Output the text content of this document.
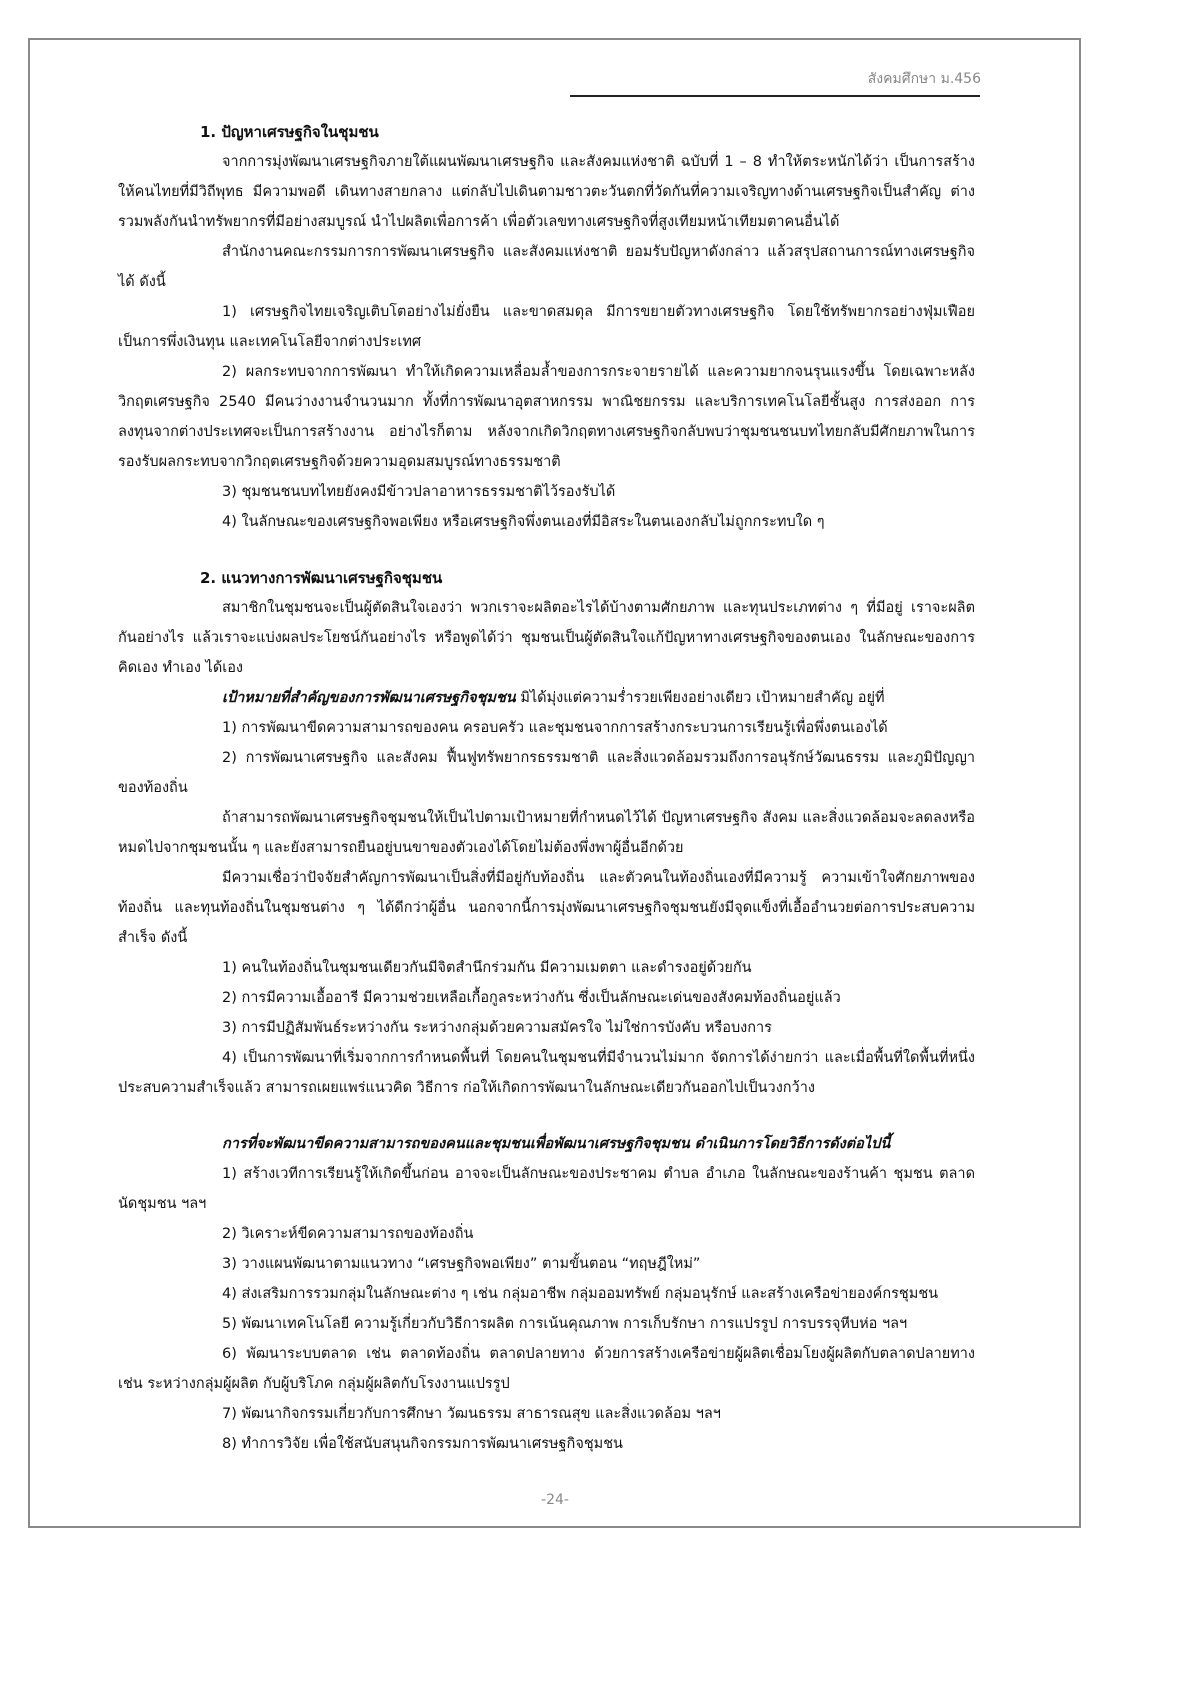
สังคมศึกษา ม.456

1. ปัญหาเศรษฐกิจในชุมชน

จากการมุ่งพัฒนาเศรษฐกิจภายใต้แผนพัฒนาเศรษฐกิจ และสังคมแห่งชาติ ฉบับที่ 1 – 8 ทำให้ตระหนักได้ว่า เป็นการสร้างให้คนไทยที่มีวิถีพุทธ มีความพอดี เดินทางสายกลาง แต่กลับไปเดินตามชาวตะวันตกที่วัดกันที่ความเจริญทางด้านเศรษฐกิจเป็นสำคัญ ต่างรวมพลังกันนำทรัพยากรที่มีอย่างสมบูรณ์ นำไปผลิตเพื่อการค้า เพื่อตัวเลขทางเศรษฐกิจที่สูงเทียมหน้าเทียมตาคนอื่นได้

สำนักงานคณะกรรมการการพัฒนาเศรษฐกิจ และสังคมแห่งชาติ ยอมรับปัญหาดังกล่าว แล้วสรุปสถานการณ์ทางเศรษฐกิจได้ ดังนี้

1) เศรษฐกิจไทยเจริญเติบโตอย่างไม่ยั่งยืน และขาดสมดุล มีการขยายตัวทางเศรษฐกิจ โดยใช้ทรัพยากรอย่างฟุ่มเฟือย เป็นการพึ่งเงินทุน และเทคโนโลยีจากต่างประเทศ

2) ผลกระทบจากการพัฒนา ทำให้เกิดความเหลื่อมล้ำของการกระจายรายได้ และความยากจนรุนแรงขึ้น โดยเฉพาะหลังวิกฤตเศรษฐกิจ 2540 มีคนว่างงานจำนวนมาก ทั้งที่การพัฒนาอุตสาหกรรม พาณิชยกรรม และบริการเทคโนโลยีชั้นสูง การส่งออก การลงทุนจากต่างประเทศจะเป็นการสร้างงาน อย่างไรก็ตาม หลังจากเกิดวิกฤตทางเศรษฐกิจกลับพบว่าชุมชนชนบทไทยกลับมีศักยภาพในการรองรับผลกระทบจากวิกฤตเศรษฐกิจด้วยความอุดมสมบูรณ์ทางธรรมชาติ

3) ชุมชนชนบทไทยยังคงมีข้าวปลาอาหารธรรมชาติไว้รองรับได้

4) ในลักษณะของเศรษฐกิจพอเพียง หรือเศรษฐกิจพึ่งตนเองที่มีอิสระในตนเองกลับไม่ถูกกระทบใด ๆ

2. แนวทางการพัฒนาเศรษฐกิจชุมชน

สมาชิกในชุมชนจะเป็นผู้ตัดสินใจเองว่า พวกเราจะผลิตอะไรได้บ้างตามศักยภาพ และทุนประเภทต่าง ๆ ที่มีอยู่ เราจะผลิตกันอย่างไร แล้วเราจะแบ่งผลประโยชน์กันอย่างไร หรือพูดได้ว่า ชุมชนเป็นผู้ตัดสินใจแก้ปัญหาทางเศรษฐกิจของตนเอง ในลักษณะของการ คิดเอง ทำเอง ได้เอง

เป้าหมายที่สำคัญของการพัฒนาเศรษฐกิจชุมชน มิได้มุ่งแต่ความร่ำรวยเพียงอย่างเดียว เป้าหมายสำคัญ อยู่ที่

1) การพัฒนาขีดความสามารถของคน ครอบครัว และชุมชนจากการสร้างกระบวนการเรียนรู้เพื่อพึ่งตนเองได้

2) การพัฒนาเศรษฐกิจ และสังคม ฟื้นฟูทรัพยากรธรรมชาติ และสิ่งแวดล้อมรวมถึงการอนุรักษ์วัฒนธรรม และภูมิปัญญาของท้องถิ่น

ถ้าสามารถพัฒนาเศรษฐกิจชุมชนให้เป็นไปตามเป้าหมายที่กำหนดไว้ได้ ปัญหาเศรษฐกิจ สังคม และสิ่งแวดล้อมจะลดลงหรือหมดไปจากชุมชนนั้น ๆ และยังสามารถยืนอยู่บนขาของตัวเองได้โดยไม่ต้องพึ่งพาผู้อื่นอีกด้วย

มีความเชื่อว่าปัจจัยสำคัญการพัฒนาเป็นสิ่งที่มีอยู่กับท้องถิ่น และตัวคนในท้องถิ่นเองที่มีความรู้ ความเข้าใจศักยภาพของท้องถิ่น และทุนท้องถิ่นในชุมชนต่าง ๆ ได้ดีกว่าผู้อื่น นอกจากนี้การมุ่งพัฒนาเศรษฐกิจชุมชนยังมีจุดแข็งที่เอื้ออำนวยต่อการประสบความสำเร็จ ดังนี้

1) คนในท้องถิ่นในชุมชนเดียวกันมีจิตสำนึกร่วมกัน มีความเมตตา และดำรงอยู่ด้วยกัน

2) การมีความเอื้ออารี มีความช่วยเหลือเกื้อกูลระหว่างกัน ซึ่งเป็นลักษณะเด่นของสังคมท้องถิ่นอยู่แล้ว

3) การมีปฏิสัมพันธ์ระหว่างกัน ระหว่างกลุ่มด้วยความสมัครใจ ไม่ใช่การบังคับ หรือบงการ

4) เป็นการพัฒนาที่เริ่มจากการกำหนดพื้นที่ โดยคนในชุมชนที่มีจำนวนไม่มาก จัดการได้ง่ายกว่า และเมื่อพื้นที่ใดพื้นที่หนึ่งประสบความสำเร็จแล้ว สามารถเผยแพร่แนวคิด วิธีการ ก่อให้เกิดการพัฒนาในลักษณะเดียวกันออกไปเป็นวงกว้าง

การที่จะพัฒนาขีดความสามารถของคนและชุมชนเพื่อพัฒนาเศรษฐกิจชุมชน ดำเนินการโดยวิธีการดังต่อไปนี้

1) สร้างเวทีการเรียนรู้ให้เกิดขึ้นก่อน อาจจะเป็นลักษณะของประชาคม ตำบล อำเภอ ในลักษณะของร้านค้า ชุมชน ตลาดนัดชุมชน ฯลฯ

2) วิเคราะห์ขีดความสามารถของท้องถิ่น

3) วางแผนพัฒนาตามแนวทาง “เศรษฐกิจพอเพียง” ตามขั้นตอน “ทฤษฎีใหม่”

4) ส่งเสริมการรวมกลุ่มในลักษณะต่าง ๆ เช่น กลุ่มอาชีพ กลุ่มออมทรัพย์ กลุ่มอนุรักษ์ และสร้างเครือข่ายองค์กรชุมชน

5) พัฒนาเทคโนโลยี ความรู้เกี่ยวกับวิธีการผลิต การเน้นคุณภาพ การเก็บรักษา การแปรรูป การบรรจุหีบห่อ ฯลฯ

6) พัฒนาระบบตลาด เช่น ตลาดท้องถิ่น ตลาดปลายทาง ด้วยการสร้างเครือข่ายผู้ผลิตเชื่อมโยงผู้ผลิตกับตลาดปลายทางเช่น ระหว่างกลุ่มผู้ผลิต กับผู้บริโภค กลุ่มผู้ผลิตกับโรงงานแปรรูป

7) พัฒนากิจกรรมเกี่ยวกับการศึกษา วัฒนธรรม สาธารณสุข และสิ่งแวดล้อม ฯลฯ

8) ทำการวิจัย เพื่อใช้สนับสนุนกิจกรรมการพัฒนาเศรษฐกิจชุมชน

-24-
